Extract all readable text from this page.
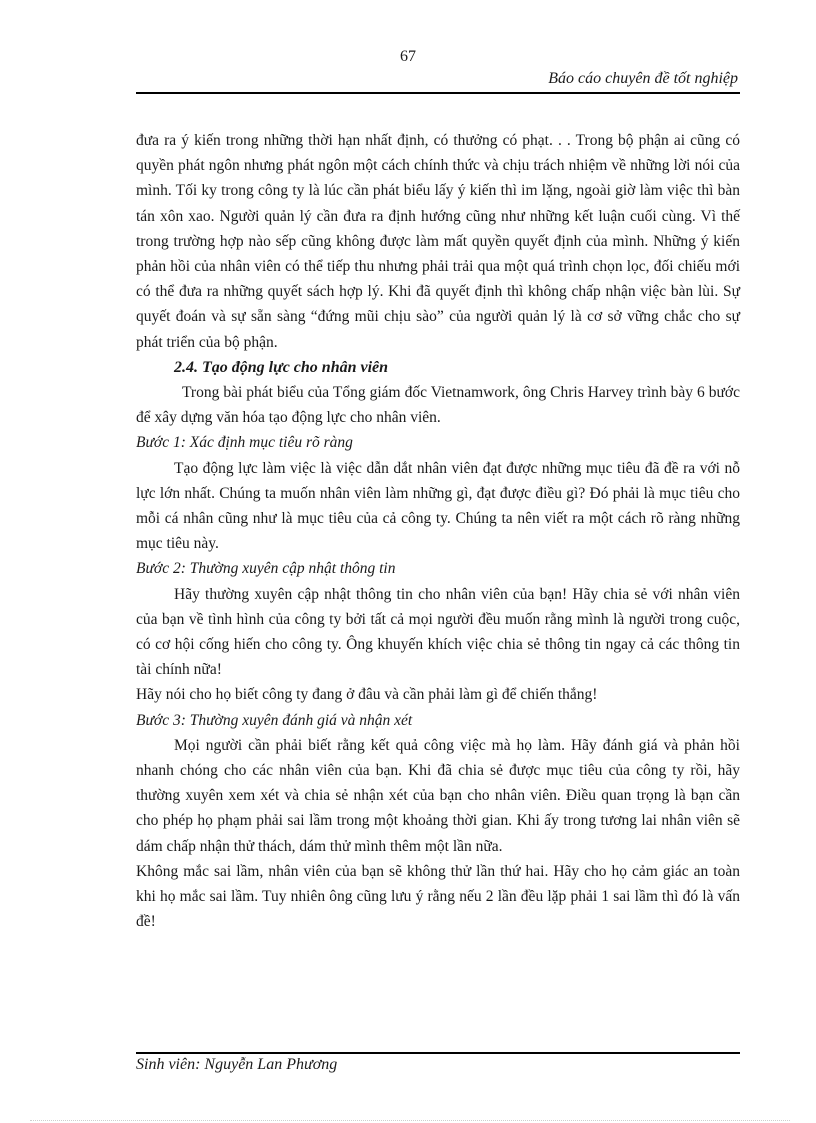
67
Báo cáo chuyên đề tốt nghiệp

đưa ra ý kiến trong những thời hạn nhất định, có thưởng có phạt. . . Trong bộ phận ai cũng có quyền phát ngôn nhưng phát ngôn một cách chính thức và chịu trách nhiệm về những lời nói của mình. Tối ky trong công ty là lúc cần phát biểu lấy ý kiến thì im lặng, ngoài giờ làm việc thì bàn tán xôn xao. Người quản lý cần đưa ra định hướng cũng như những kết luận cuối cùng. Vì thế trong trường hợp nào sếp cũng không được làm mất quyền quyết định của mình. Những ý kiến phản hồi của nhân viên có thể tiếp thu nhưng phải trải qua một quá trình chọn lọc, đối chiếu mới có thể đưa ra những quyết sách hợp lý. Khi đã quyết định thì không chấp nhận việc bàn lùi. Sự quyết đoán và sự sẵn sàng “đứng mũi chịu sào” của người quản lý là cơ sở vững chắc cho sự phát triển của bộ phận.

2.4. Tạo động lực cho nhân viên

Trong bài phát biểu của Tổng giám đốc Vietnamwork, ông Chris Harvey trình bày 6 bước để xây dựng văn hóa tạo động lực cho nhân viên.

Bước 1: Xác định mục tiêu rõ ràng

Tạo động lực làm việc là việc dẫn dắt nhân viên đạt được những mục tiêu đã đề ra với nỗ lực lớn nhất. Chúng ta muốn nhân viên làm những gì, đạt được điều gì? Đó phải là mục tiêu cho mỗi cá nhân cũng như là mục tiêu của cả công ty. Chúng ta nên viết ra một cách rõ ràng những mục tiêu này.

Bước 2: Thường xuyên cập nhật thông tin

Hãy thường xuyên cập nhật thông tin cho nhân viên của bạn! Hãy chia sẻ với nhân viên của bạn về tình hình của công ty bởi tất cả mọi người đều muốn rằng mình là người trong cuộc, có cơ hội cống hiến cho công ty. Ông khuyến khích việc chia sẻ thông tin ngay cả các thông tin tài chính nữa!

Hãy nói cho họ biết công ty đang ở đâu và cần phải làm gì để chiến thắng!

Bước 3: Thường xuyên đánh giá và nhận xét

Mọi người cần phải biết rằng kết quả công việc mà họ làm. Hãy đánh giá và phản hồi nhanh chóng cho các nhân viên của bạn. Khi đã chia sẻ được mục tiêu của công ty rồi, hãy thường xuyên xem xét và chia sẻ nhận xét của bạn cho nhân viên. Điều quan trọng là bạn cần cho phép họ phạm phải sai lầm trong một khoảng thời gian. Khi ấy trong tương lai nhân viên sẽ dám chấp nhận thử thách, dám thử mình thêm một lần nữa.

Không mắc sai lầm, nhân viên của bạn sẽ không thử lần thứ hai. Hãy cho họ cảm giác an toàn khi họ mắc sai lầm. Tuy nhiên ông cũng lưu ý rằng nếu 2 lần đều lặp phải 1 sai lầm thì đó là vấn đề!

Sinh viên: Nguyễn Lan Phương
